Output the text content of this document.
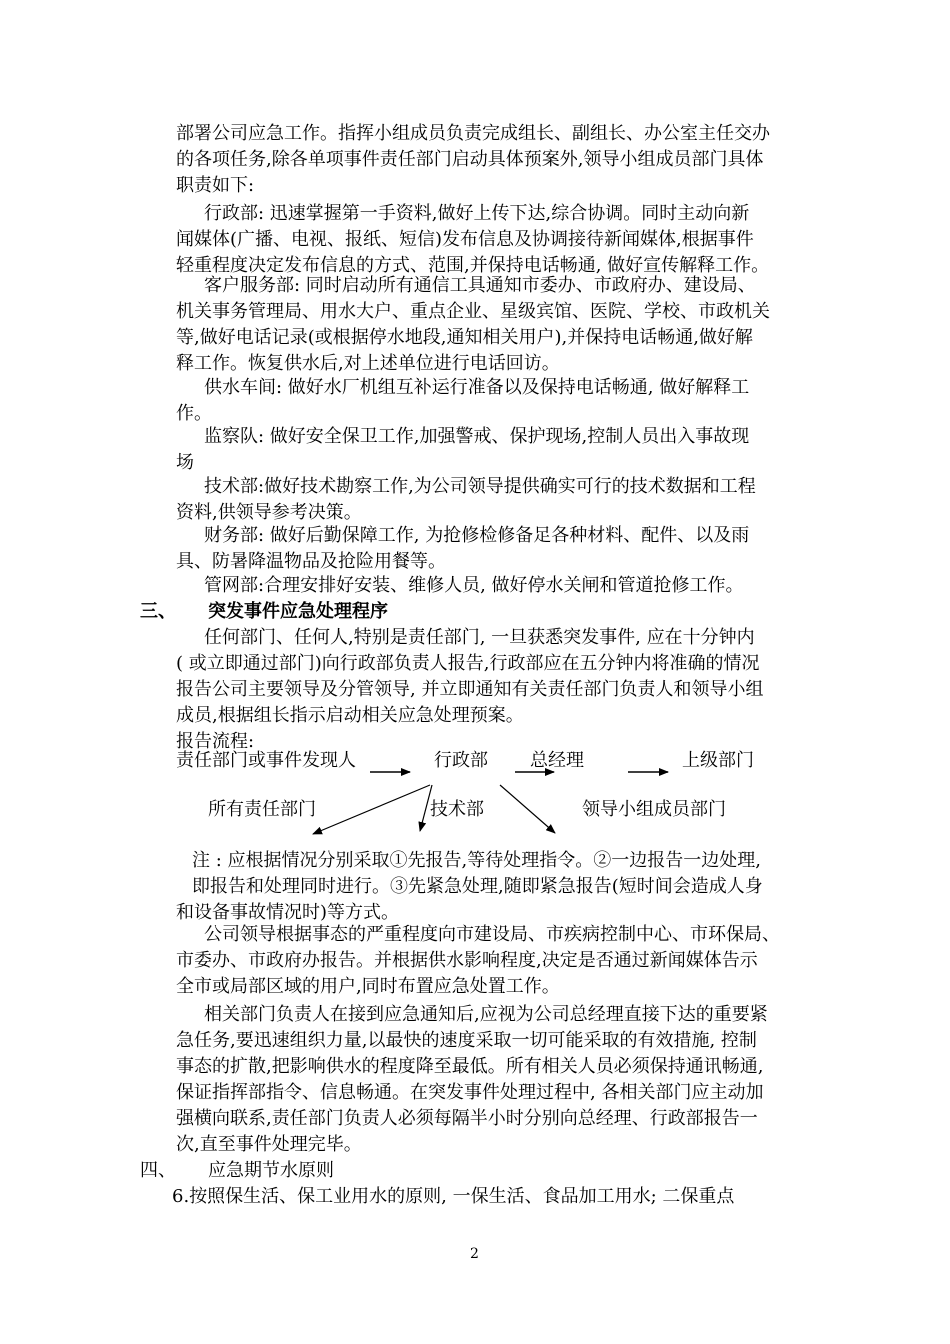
部署公司应急工作。指挥小组成员负责完成组长、副组长、办公室主任交办
的各项任务,除各单项事件责任部门启动具体预案外,领导小组成员部门具体
职责如下:
行政部: 迅速掌握第一手资料,做好上传下达,综合协调。同时主动向新
闻媒体(广播、电视、报纸、短信)发布信息及协调接待新闻媒体,根据事件
轻重程度决定发布信息的方式、范围,并保持电话畅通, 做好宣传解释工作。
客户服务部: 同时启动所有通信工具通知市委办、市政府办、建设局、
机关事务管理局、用水大户、重点企业、星级宾馆、医院、学校、市政机关
等,做好电话记录(或根据停水地段,通知相关用户),并保持电话畅通,做好解
释工作。恢复供水后,对上述单位进行电话回访。
供水车间: 做好水厂机组互补运行准备以及保持电话畅通, 做好解释工
作。
监察队: 做好安全保卫工作,加强警戒、保护现场,控制人员出入事故现
场
技术部:做好技术勘察工作,为公司领导提供确实可行的技术数据和工程
资料,供领导参考决策。
财务部: 做好后勤保障工作, 为抢修检修备足各种材料、配件、以及雨
具、防暑降温物品及抢险用餐等。
管网部:合理安排好安装、维修人员, 做好停水关闸和管道抢修工作。
三、 突发事件应急处理程序
任何部门、任何人,特别是责任部门, 一旦获悉突发事件, 应在十分钟内
( 或立即通过部门)向行政部负责人报告,行政部应在五分钟内将准确的情况
报告公司主要领导及分管领导, 并立即通知有关责任部门负责人和领导小组
成员,根据组长指示启动相关应急处理预案。
报告流程:
责任部门或事件发现人	行政部 总经理	上级部门
所有责任部门	技术部	领导小组成员部门
注 : 应根据情况分别采取①先报告,等待处理指令。②一边报告一边处理,
即报告和处理同时进行。③先紧急处理,随即紧急报告(短时间会造成人身
和设备事故情况时)等方式。
公司领导根据事态的严重程度向市建设局、市疾病控制中心、市环保局、
市委办、市政府办报告。并根据供水影响程度,决定是否通过新闻媒体告示
全市或局部区域的用户,同时布置应急处置工作。
相关部门负责人在接到应急通知后,应视为公司总经理直接下达的重要紧
急任务,要迅速组织力量,以最快的速度采取一切可能采取的有效措施, 控制
事态的扩散,把影响供水的程度降至最低。所有相关人员必须保持通讯畅通,
保证指挥部指令、信息畅通。在突发事件处理过程中, 各相关部门应主动加
强横向联系,责任部门负责人必须每隔半小时分别向总经理、行政部报告一
次,直至事件处理完毕。
四、 应急期节水原则
6.按照保生活、保工业用水的原则, 一保生活、食品加工用水; 二保重点
2
